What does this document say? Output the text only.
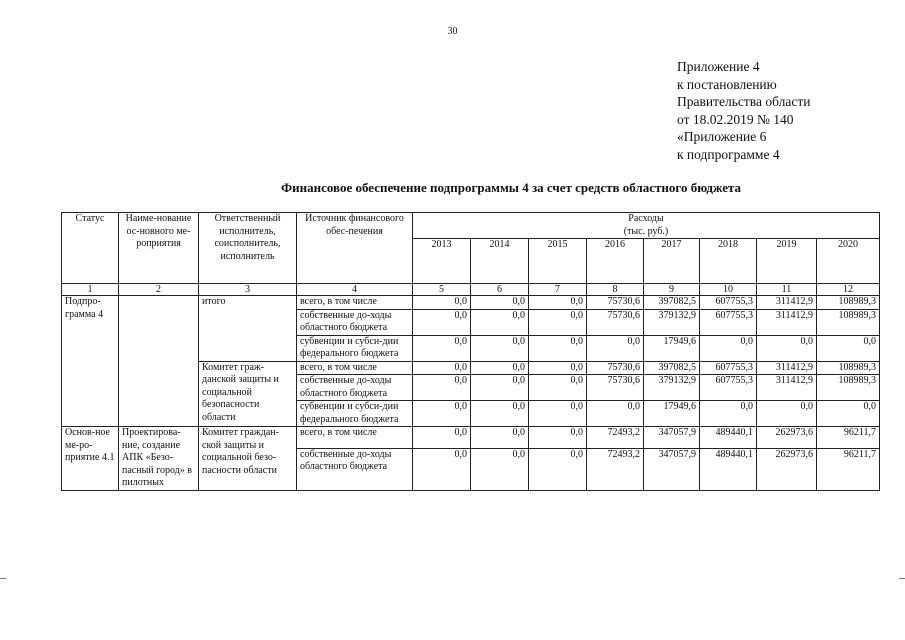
30
Приложение 4
к постановлению
Правительства области
от 18.02.2019 № 140
«Приложение 6
к подпрограмме 4
Финансовое обеспечение подпрограммы 4 за счет средств областного бюджета
Статус	Наиме-нование ос-новного ме-роприятия	Ответственный исполнитель, соисполнитель, исполнитель	Источник финансового обес-печения	Расходы
(тыс. руб.)							

				2013	2014	2015	2016	2017	2018	2019	2020
1	2	3	4	5	6	7	8	9	10	11	12
Подпро-грамма 4		итого	всего, в том числе	0,0	0,0	0,0	75730,6	397082,5	607755,3	311412,9	108989,3
			собственные до-ходы областного бюджета	0,0	0,0	0,0	75730,6	379132,9	607755,3	311412,9	108989,3
			субвенции и субси-дии федерального бюджета	0,0	0,0	0,0	0,0	17949,6	0,0	0,0	0,0
		Комитет граж-данской защиты и социальной безопасности области	всего, в том числе	0,0	0,0	0,0	75730,6	397082,5	607755,3	311412,9	108989,3
			собственные до-ходы областного бюджета	0,0	0,0	0,0	75730,6	379132,9	607755,3	311412,9	108989,3
			субвенции и субси-дии федерального бюджета	0,0	0,0	0,0	0,0	17949,6	0,0	0,0	0,0
Основ-ное ме-ро-приятие 4.1	Проектирова-ние, создание АПК «Безо-пасный город» в пилотных	Комитет граждан-ской защиты и социальной безо-пасности области	всего, в том числе	0,0	0,0	0,0	72493,2	347057,9	489440,1	262973,6	96211,7
			собственные до-ходы областного бюджета	0,0	0,0	0,0	72493,2	347057,9	489440,1	262973,6	96211,7
